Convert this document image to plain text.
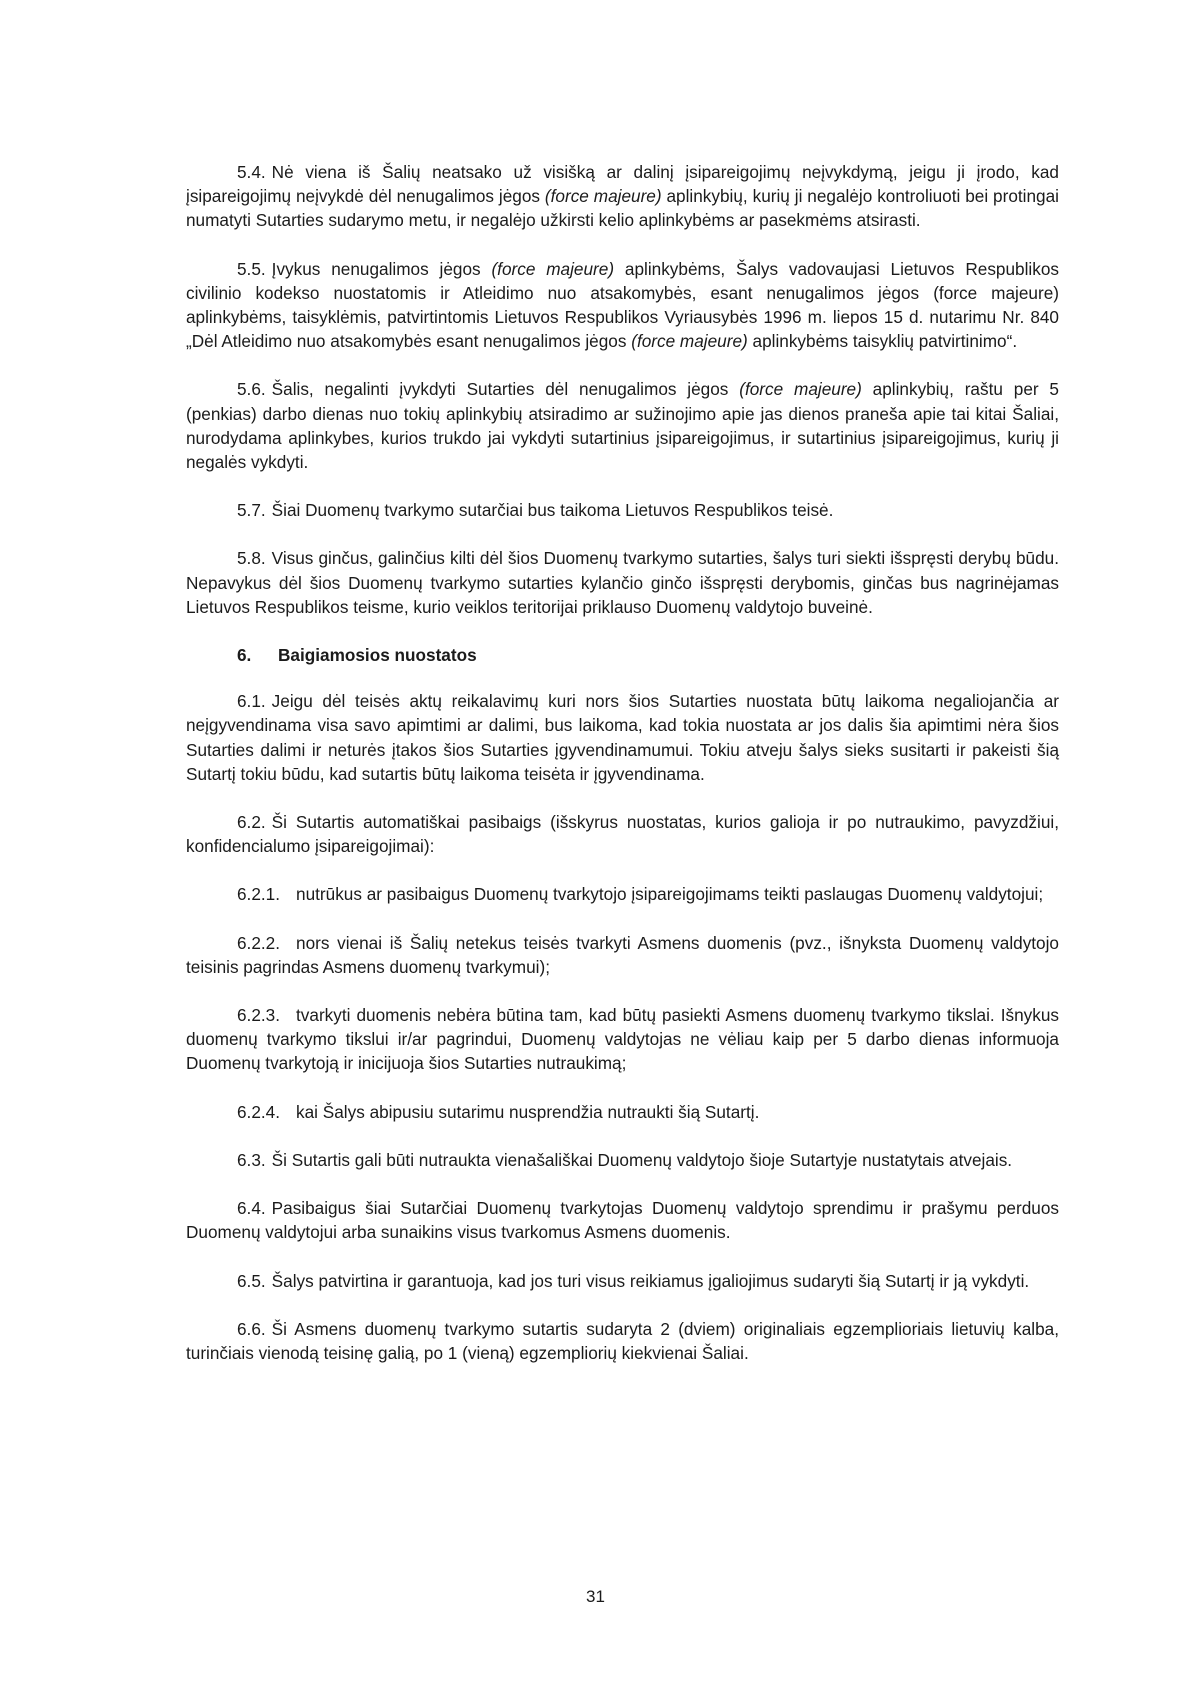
5.4. Nė viena iš Šalių neatsako už visišką ar dalinį įsipareigojimų neįvykdymą, jeigu ji įrodo, kad įsipareigojimų neįvykdė dėl nenugalimos jėgos (force majeure) aplinkybių, kurių ji negalėjo kontroliuoti bei protingai numatyti Sutarties sudarymo metu, ir negalėjo užkirsti kelio aplinkybėms ar pasekmėms atsirasti.

5.5. Įvykus nenugalimos jėgos (force majeure) aplinkybėms, Šalys vadovaujasi Lietuvos Respublikos civilinio kodekso nuostatomis ir Atleidimo nuo atsakomybės, esant nenugalimos jėgos (force majeure) aplinkybėms, taisyklėmis, patvirtintomis Lietuvos Respublikos Vyriausybės 1996 m. liepos 15 d. nutarimu Nr. 840 „Dėl Atleidimo nuo atsakomybės esant nenugalimos jėgos (force majeure) aplinkybėms taisyklių patvirtinimo“.

5.6. Šalis, negalinti įvykdyti Sutarties dėl nenugalimos jėgos (force majeure) aplinkybių, raštu per 5 (penkias) darbo dienas nuo tokių aplinkybių atsiradimo ar sužinojimo apie jas dienos praneša apie tai kitai Šaliai, nurodydama aplinkybes, kurios trukdo jai vykdyti sutartinius įsipareigojimus, ir sutartinius įsipareigojimus, kurių ji negalės vykdyti.

5.7. Šiai Duomenų tvarkymo sutarčiai bus taikoma Lietuvos Respublikos teisė.

5.8. Visus ginčus, galinčius kilti dėl šios Duomenų tvarkymo sutarties, šalys turi siekti išspręsti derybų būdu. Nepavykus dėl šios Duomenų tvarkymo sutarties kylančio ginčo išspręsti derybomis, ginčas bus nagrinėjamas Lietuvos Respublikos teisme, kurio veiklos teritorijai priklauso Duomenų valdytojo buveinė.

6. Baigiamosios nuostatos

6.1. Jeigu dėl teisės aktų reikalavimų kuri nors šios Sutarties nuostata būtų laikoma negaliojančia ar neįgyvendinama visa savo apimtimi ar dalimi, bus laikoma, kad tokia nuostata ar jos dalis šia apimtimi nėra šios Sutarties dalimi ir neturės įtakos šios Sutarties įgyvendinamumui. Tokiu atveju šalys sieks susitarti ir pakeisti šią Sutartį tokiu būdu, kad sutartis būtų laikoma teisėta ir įgyvendinama.

6.2. Ši Sutartis automatiškai pasibaigs (išskyrus nuostatas, kurios galioja ir po nutraukimo, pavyzdžiui, konfidencialumo įsipareigojimai):

6.2.1. nutrūkus ar pasibaigus Duomenų tvarkytojo įsipareigojimams teikti paslaugas Duomenų valdytojui;

6.2.2. nors vienai iš Šalių netekus teisės tvarkyti Asmens duomenis (pvz., išnyksta Duomenų valdytojo teisinis pagrindas Asmens duomenų tvarkymui);

6.2.3. tvarkyti duomenis nebėra būtina tam, kad būtų pasiekti Asmens duomenų tvarkymo tikslai. Išnykus duomenų tvarkymo tikslui ir/ar pagrindui, Duomenų valdytojas ne vėliau kaip per 5 darbo dienas informuoja Duomenų tvarkytoją ir inicijuoja šios Sutarties nutraukimą;

6.2.4. kai Šalys abipusiu sutarimu nusprendžia nutraukti šią Sutartį.

6.3. Ši Sutartis gali būti nutraukta vienašališkai Duomenų valdytojo šioje Sutartyje nustatytais atvejais.

6.4. Pasibaigus šiai Sutarčiai Duomenų tvarkytojas Duomenų valdytojo sprendimu ir prašymu perduos Duomenų valdytojui arba sunaikins visus tvarkomus Asmens duomenis.

6.5. Šalys patvirtina ir garantuoja, kad jos turi visus reikiamus įgaliojimus sudaryti šią Sutartį ir ją vykdyti.

6.6. Ši Asmens duomenų tvarkymo sutartis sudaryta 2 (dviem) originaliais egzemplioriais lietuvių kalba, turinčiais vienodą teisinę galią, po 1 (vieną) egzempliorių kiekvienai Šaliai.

31
